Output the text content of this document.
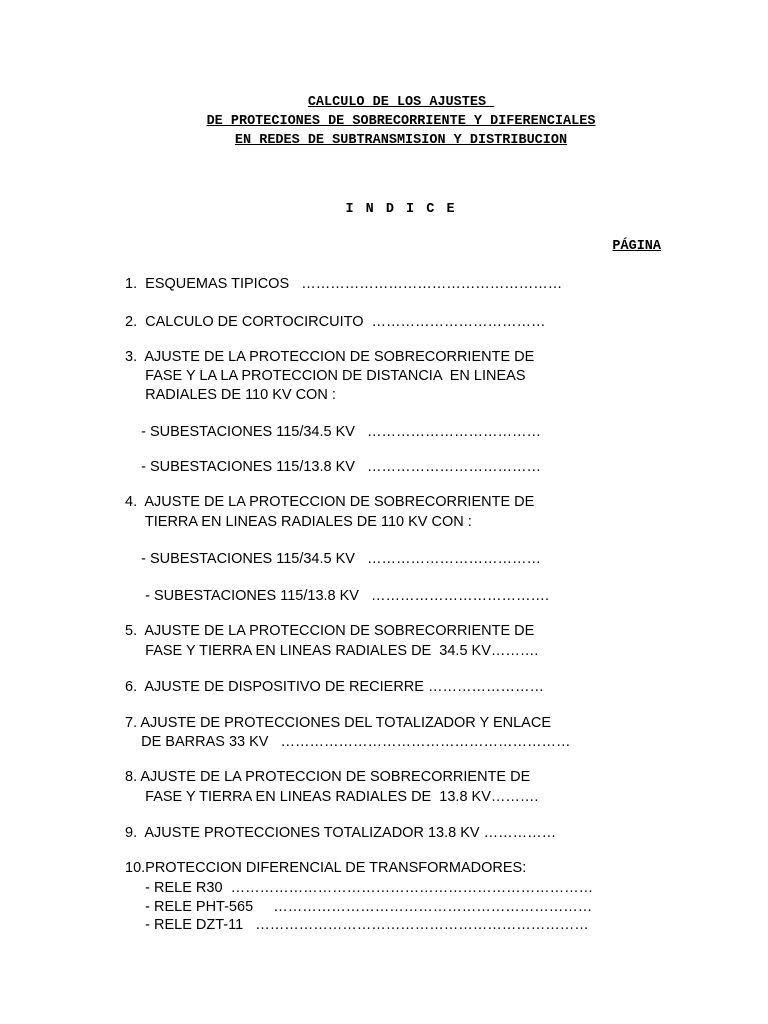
CALCULO DE LOS AJUSTES
DE PROTECIONES DE SOBRECORRIENTE Y DIFERENCIALES
EN REDES DE SUBTRANSMISION Y DISTRIBUCION
I N D I C E
PÁGINA
1.  ESQUEMAS TIPICOS   ………………………………………………
2.  CALCULO DE CORTOCIRCUITO  ………………………………
3.  AJUSTE DE LA PROTECCION DE SOBRECORRIENTE DE
FASE Y LA LA PROTECCION DE DISTANCIA  EN LINEAS
RADIALES DE 110 KV CON :
- SUBESTACIONES 115/34.5 KV   ………………………………
- SUBESTACIONES 115/13.8 KV   ………………………………
4.  AJUSTE DE LA PROTECCION DE SOBRECORRIENTE DE
TIERRA EN LINEAS RADIALES DE 110 KV CON :
- SUBESTACIONES 115/34.5 KV   ………………………………
- SUBESTACIONES 115/13.8 KV   ……………………………….
5.  AJUSTE DE LA PROTECCION DE SOBRECORRIENTE DE
FASE Y TIERRA EN LINEAS RADIALES DE  34.5 KV……….
6.  AJUSTE DE DISPOSITIVO DE RECIERRE ……………………
7. AJUSTE DE PROTECCIONES DEL TOTALIZADOR Y ENLACE
DE BARRAS 33 KV   ……………………………………………………
8. AJUSTE DE LA PROTECCION DE SOBRECORRIENTE DE
FASE Y TIERRA EN LINEAS RADIALES DE  13.8 KV……….
9.  AJUSTE PROTECCIONES TOTALIZADOR 13.8 KV ……………
10.PROTECCION DIFERENCIAL DE TRANSFORMADORES:
- RELE R30  …………………………………………………………………
- RELE PHT-565     …………………………………………………………
- RELE DZT-11   ……………………………………………………………
